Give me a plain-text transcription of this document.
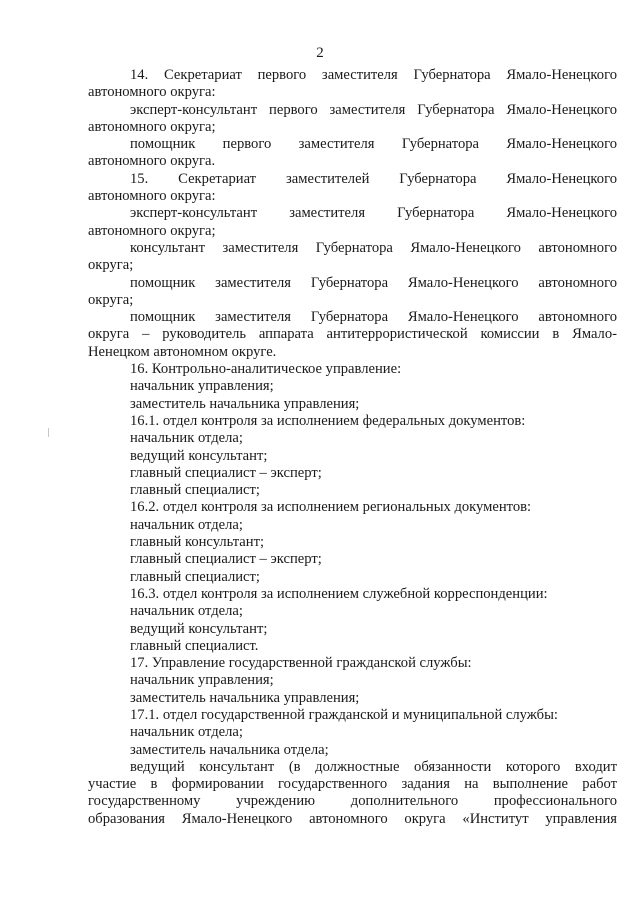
2
14. Секретариат первого заместителя Губернатора Ямало-Ненецкого
автономного округа:
эксперт-консультант первого заместителя Губернатора Ямало-Ненецкого
автономного округа;
помощник первого заместителя Губернатора Ямало-Ненецкого
автономного округа.
15. Секретариат заместителей Губернатора Ямало-Ненецкого
автономного округа:
эксперт-консультант заместителя Губернатора Ямало-Ненецкого
автономного округа;
консультант заместителя Губернатора Ямало-Ненецкого автономного
округа;
помощник заместителя Губернатора Ямало-Ненецкого автономного
округа;
помощник заместителя Губернатора Ямало-Ненецкого автономного
округа – руководитель аппарата антитеррористической комиссии в Ямало-
Ненецком автономном округе.
16. Контрольно-аналитическое управление:
начальник управления;
заместитель начальника управления;
16.1. отдел контроля за исполнением федеральных документов:
начальник отдела;
ведущий консультант;
главный специалист – эксперт;
главный специалист;
16.2. отдел контроля за исполнением региональных документов:
начальник отдела;
главный консультант;
главный специалист – эксперт;
главный специалист;
16.3. отдел контроля за исполнением служебной корреспонденции:
начальник отдела;
ведущий консультант;
главный специалист.
17. Управление государственной гражданской службы:
начальник управления;
заместитель начальника управления;
17.1. отдел государственной гражданской и муниципальной службы:
начальник отдела;
заместитель начальника отдела;
ведущий консультант (в должностные обязанности которого входит
участие в формировании государственного задания на выполнение работ
государственному учреждению дополнительного профессионального
образования Ямало-Ненецкого автономного округа «Институт управления
